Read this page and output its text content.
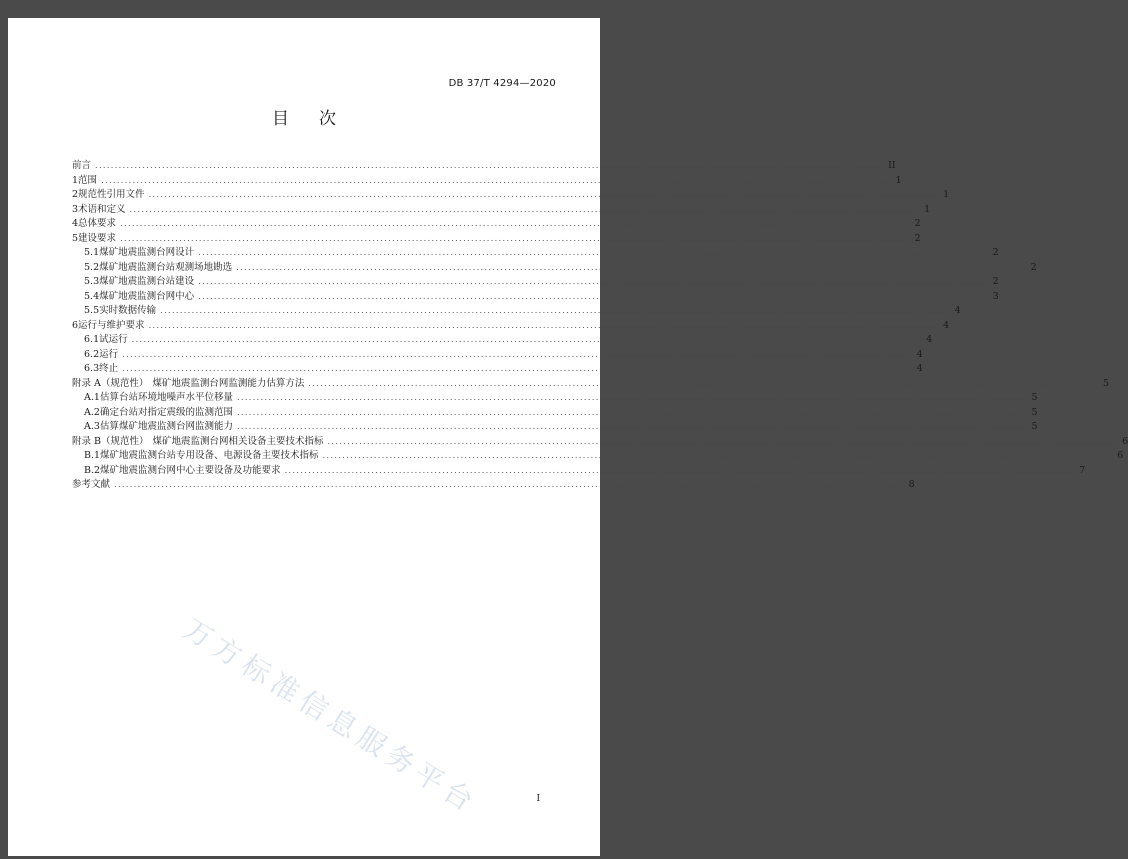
DB 37/T 4294—2020
目次
前言 ........................................................................................................................................................................................................ II
1 范围 ........................................................................................................................................................................................................ 1
2 规范性引用文件 ........................................................................................................................................................................................................ 1
3 术语和定义 ........................................................................................................................................................................................................ 1
4 总体要求 ........................................................................................................................................................................................................ 2
5 建设要求 ........................................................................................................................................................................................................ 2
5.1 煤矿地震监测台网设计 ........................................................................................................................................................................................................ 2
5.2 煤矿地震监测台站观测场地勘选 ........................................................................................................................................................................................................ 2
5.3 煤矿地震监测台站建设 ........................................................................................................................................................................................................ 2
5.4 煤矿地震监测台网中心 ........................................................................................................................................................................................................ 3
5.5 实时数据传输 ........................................................................................................................................................................................................ 4
6 运行与维护要求 ........................................................................................................................................................................................................ 4
6.1 试运行 ........................................................................................................................................................................................................ 4
6.2 运行 ........................................................................................................................................................................................................ 4
6.3 终止 ........................................................................................................................................................................................................ 4
附录 A（规范性） 煤矿地震监测台网监测能力估算方法 ........................................................................................................................................................................................................ 5
A.1 估算台站环境地噪声水平位移量 ........................................................................................................................................................................................................ 5
A.2 确定台站对指定震级的监测范围 ........................................................................................................................................................................................................ 5
A.3 估算煤矿地震监测台网监测能力 ........................................................................................................................................................................................................ 5
附录 B（规范性） 煤矿地震监测台网相关设备主要技术指标 ........................................................................................................................................................................................................ 6
B.1 煤矿地震监测台站专用设备、电源设备主要技术指标 ........................................................................................................................................................................................................ 6
B.2 煤矿地震监测台网中心主要设备及功能要求 ........................................................................................................................................................................................................ 7
参考文献 ........................................................................................................................................................................................................ 8
万方标准信息服务平台	I
